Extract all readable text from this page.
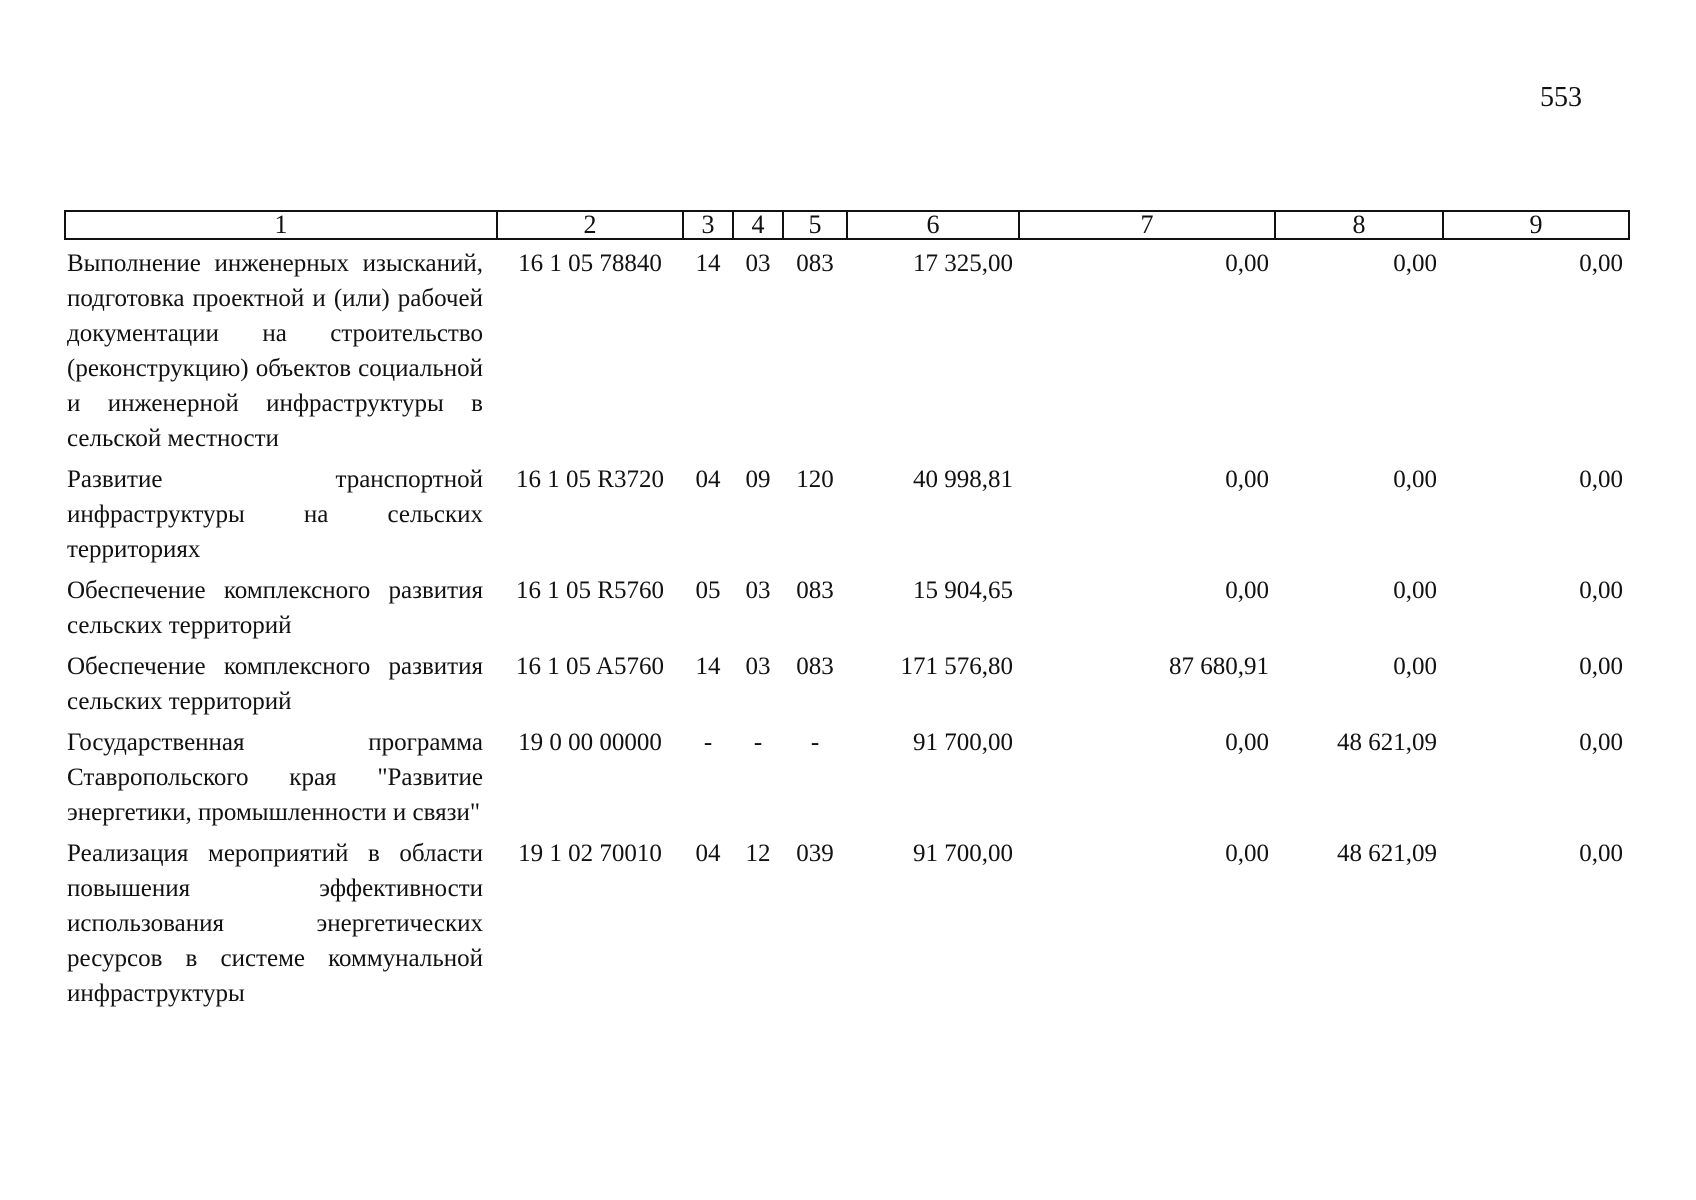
553
1	2	3	4	5	6	7	8	9
Выполнение инженерных изысканий, подготовка проектной и (или) рабочей документации на строительство (реконструкцию) объектов социальной и инженерной инфраструктуры в сельской местности	16 1 05 78840	14	03	083	17 325,00	0,00	0,00	0,00
Развитие транспортной инфраструктуры на сельских территориях	16 1 05 R3720	04	09	120	40 998,81	0,00	0,00	0,00
Обеспечение комплексного развития сельских территорий	16 1 05 R5760	05	03	083	15 904,65	0,00	0,00	0,00
Обеспечение комплексного развития сельских территорий	16 1 05 A5760	14	03	083	171 576,80	87 680,91	0,00	0,00
Государственная программа Ставропольского края "Развитие энергетики, промышленности и связи"	19 0 00 00000	-	-	-	91 700,00	0,00	48 621,09	0,00
Реализация мероприятий в области повышения эффективности использования энергетических ресурсов в системе коммунальной инфраструктуры	19 1 02 70010	04	12	039	91 700,00	0,00	48 621,09	0,00
